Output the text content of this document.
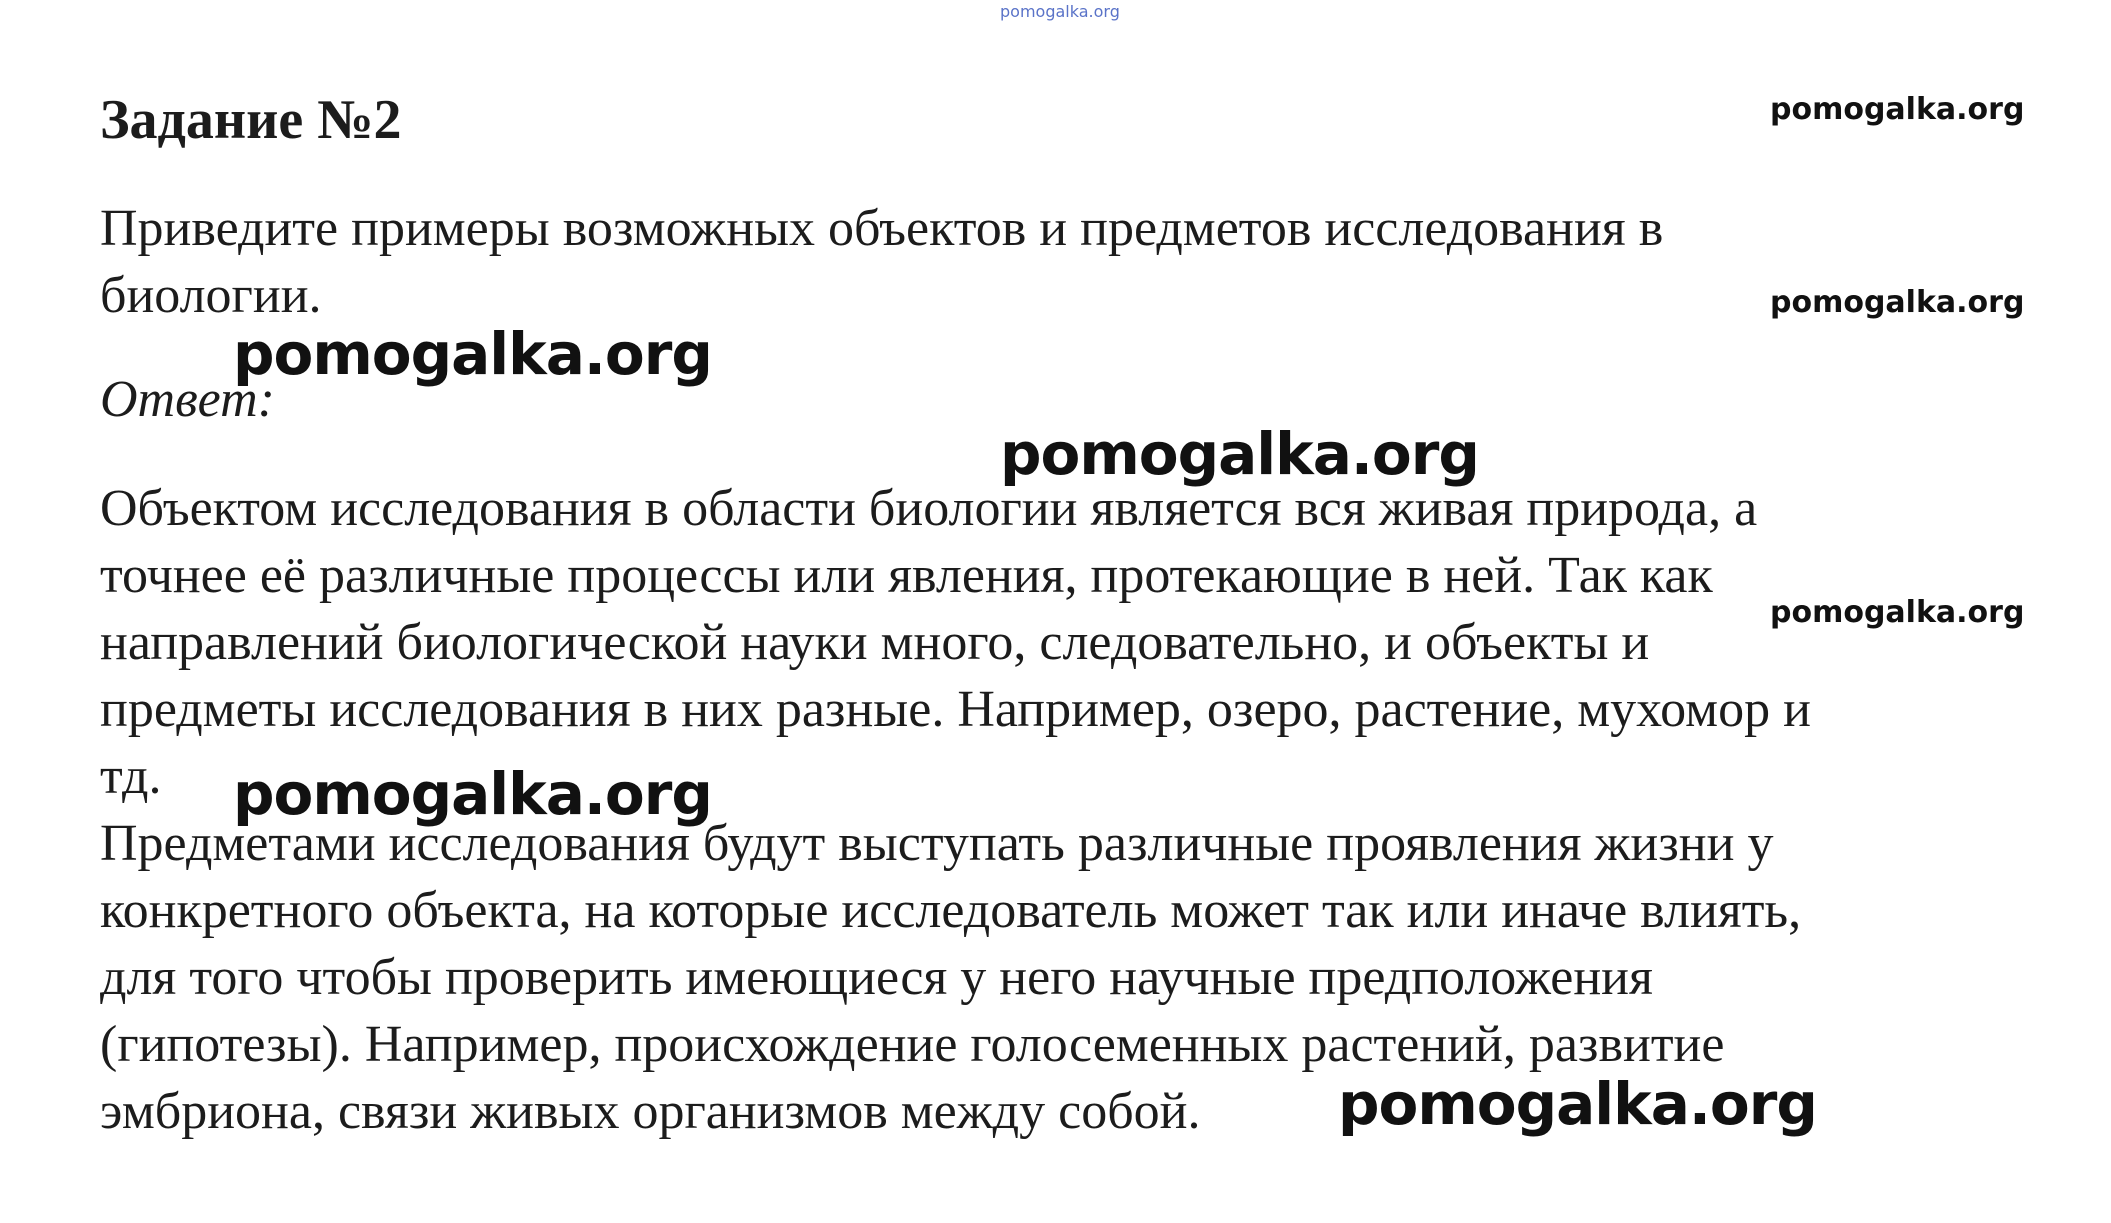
pomogalka.org
Задание №2	pomogalka.org

Приведите примеры возможных объектов и предметов исследования в
биологии.	pomogalka.org
pomogalka.org
Ответ:
pomogalka.org

Объектом исследования в области биологии является вся живая природа, а
точнее её различные процессы или явления, протекающие в ней. Так как
направлений биологической науки много, следовательно, и объекты и
предметы исследования в них разные. Например, озеро, растение, мухомор и
тд.

pomogalka.org
pomogalka.org

Предметами исследования будут выступать различные проявления жизни у
конкретного объекта, на которые исследователь может так или иначе влиять,
для того чтобы проверить имеющиеся у него научные предположения
(гипотезы). Например, происхождение голосеменных растений, развитие
эмбриона, связи живых организмов между собой.	pomogalka.org
